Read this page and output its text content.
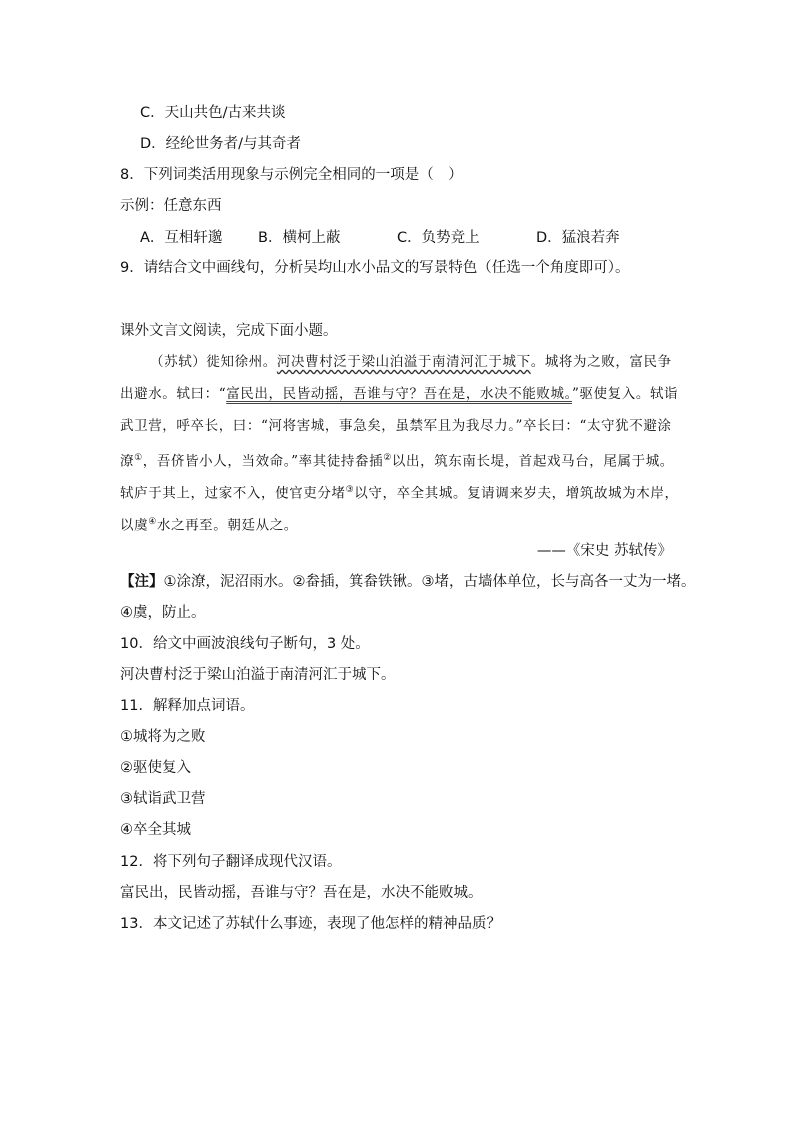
C．天山共色/古来共谈
D．经纶世务者/与其奇者
8．下列词类活用现象与示例完全相同的一项是（　）
示例：任意东西
A．互相轩邈	B．横柯上蔽	C．负势竞上	D．猛浪若奔
9．请结合文中画线句，分析吴均山水小品文的写景特色（任选一个角度即可）。
课外文言文阅读，完成下面小题。
（苏轼）徙知徐州。河决曹村泛于梁山泊溢于南清河汇于城下。城将为之败，富民争
出避水。轼曰：“富民出，民皆动摇，吾谁与守？吾在是，水决不能败城。”驱使复入。轼诣
武卫营，呼卒长，曰：“河将害城，事急矣，虽禁军且为我尽力。”卒长曰：“太守犹不避涂
潦①，吾侪皆小人，当效命。”率其徒持畚插②以出，筑东南长堤，首起戏马台，尾属于城。
轼庐于其上，过家不入，使官吏分堵③以守，卒全其城。复请调来岁夫，增筑故城为木岸，
以虞④水之再至。朝廷从之。
——《宋史 苏轼传》
【注】①涂潦，泥沼雨水。②畚插，箕畚铁锹。③堵，古墙体单位，长与高各一丈为一堵。
④虞，防止。
10．给文中画波浪线句子断句，3 处。
河决曹村泛于梁山泊溢于南清河汇于城下。
11．解释加点词语。
①城将为之败
②驱使复入
③轼诣武卫营
④卒全其城
12．将下列句子翻译成现代汉语。
富民出，民皆动摇，吾谁与守？吾在是，水决不能败城。
13．本文记述了苏轼什么事迹，表现了他怎样的精神品质？
